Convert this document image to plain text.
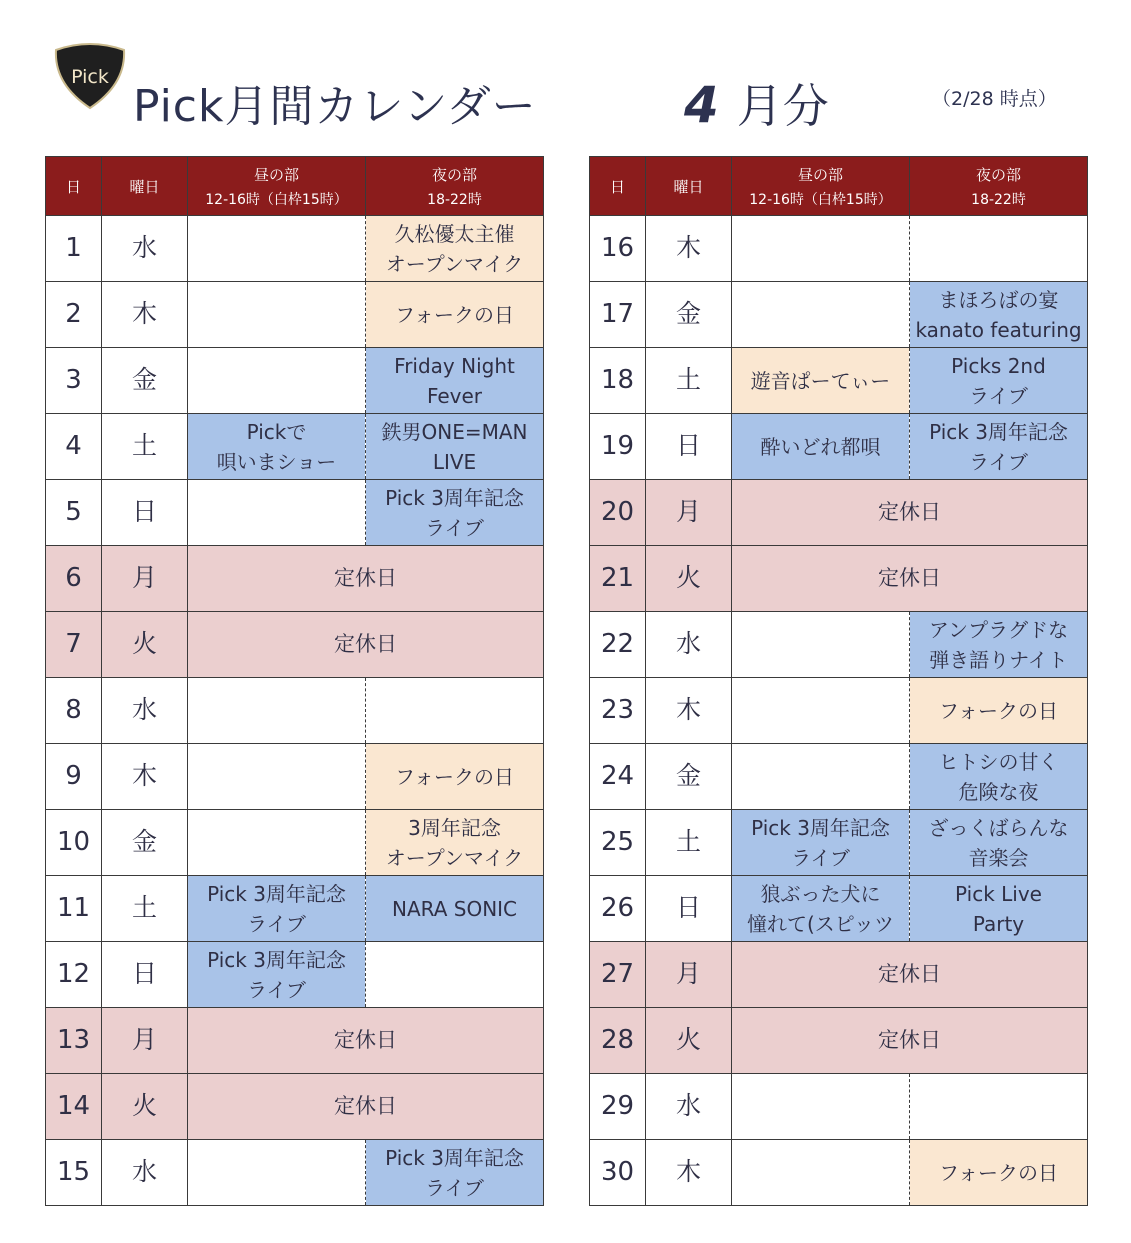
Pick
Pick月間カレンダー	4 月分	（2/28 時点）
日	曜日	昼の部
12-16時（白枠15時）	夜の部
18-22時

1	水		久松優太主催
オープンマイク

2	木		フォークの日

3	金		Friday Night
Fever

4	土	Pickで
唄いまショー	鉄男ONE=MAN
LIVE

5	日		Pick 3周年記念
ライブ

6	月	定休日	
7	火	定休日	
8	水		
9	木		フォークの日

10	金		3周年記念
オープンマイク

11	土	Pick 3周年記念
ライブ	NARA SONIC

12	日	Pick 3周年記念
ライブ	

13	月	定休日	
14	火	定休日	
15	水		Pick 3周年記念
ライブ
日	曜日	昼の部
12-16時（白枠15時）	夜の部
18-22時

16	木		
17	金		まほろばの宴
kanato featuring

18	土	遊音ぱーてぃー	Picks 2nd
ライブ

19	日	酔いどれ都唄	Pick 3周年記念
ライブ

20	月	定休日	
21	火	定休日	
22	水		アンプラグドな
弾き語りナイト

23	木		フォークの日

24	金		ヒトシの甘く
危険な夜

25	土	Pick 3周年記念
ライブ	ざっくばらんな
音楽会

26	日	狼ぶった犬に
憧れて(スピッツ	Pick Live
Party

27	月	定休日	
28	火	定休日	
29	水		
30	木		フォークの日
